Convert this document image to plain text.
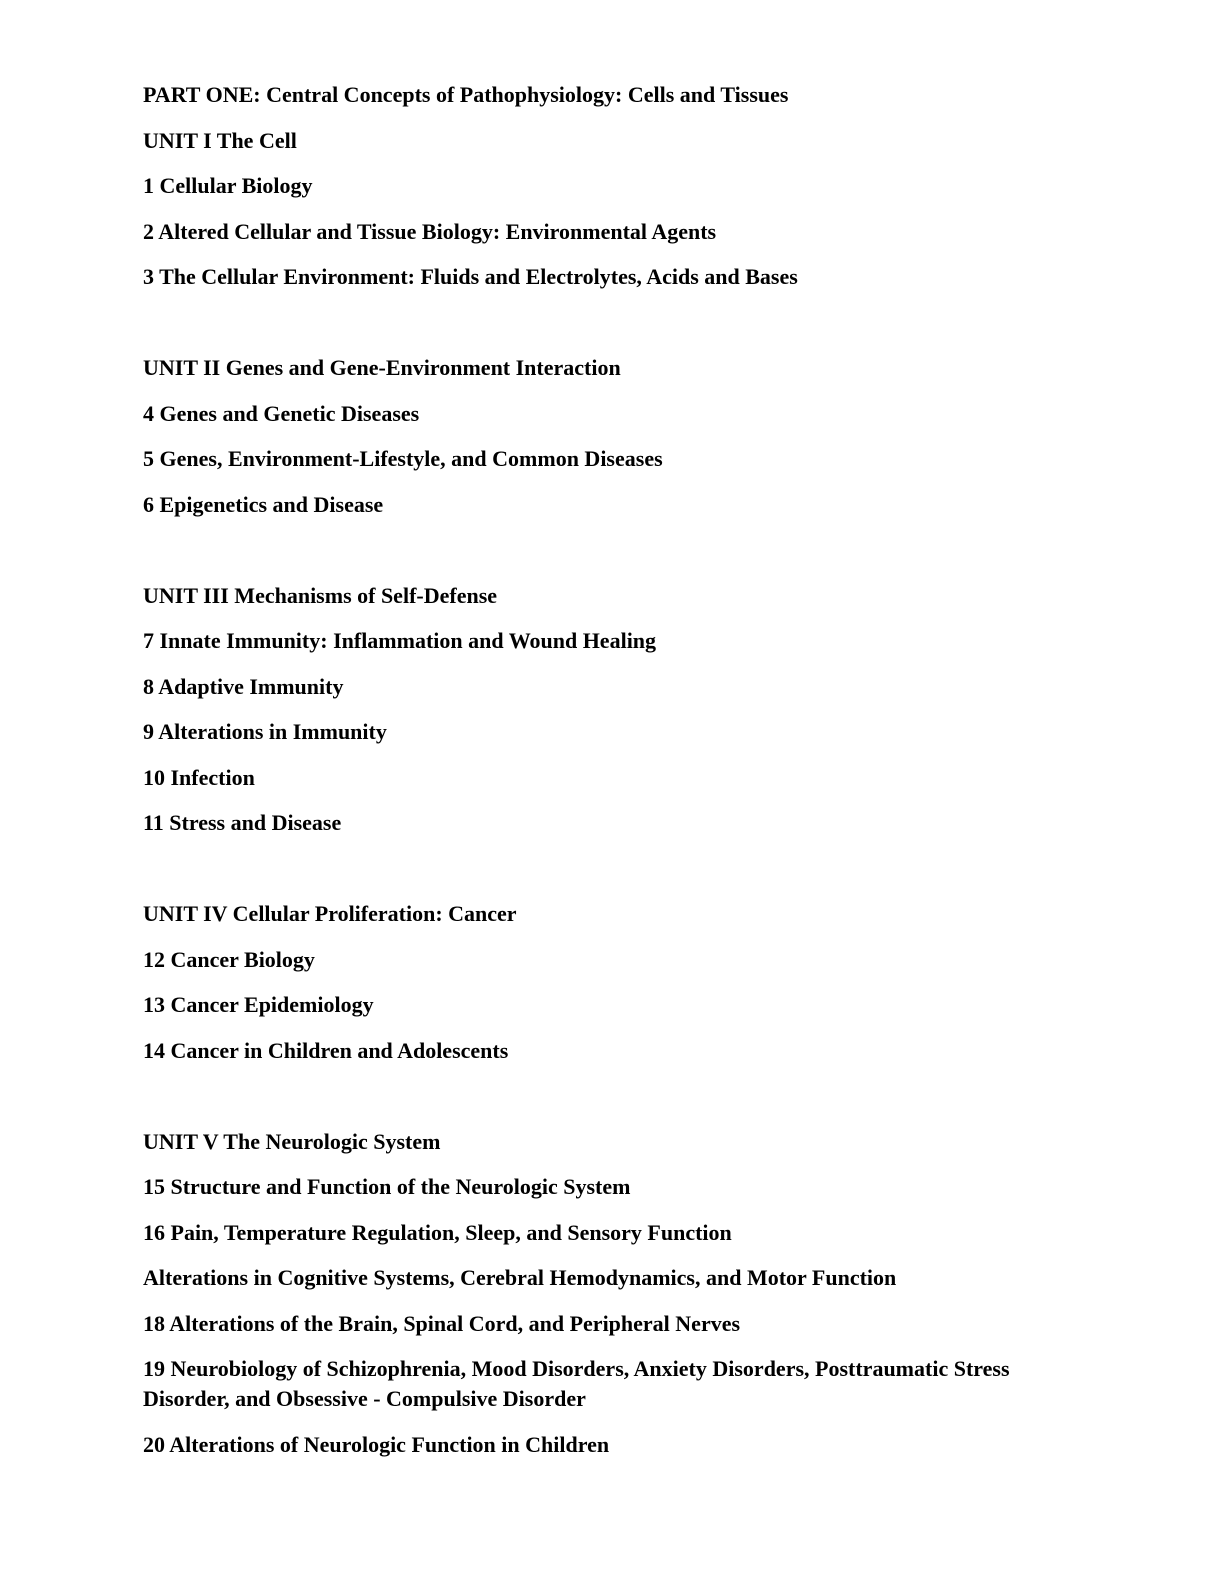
PART ONE: Central Concepts of Pathophysiology: Cells and Tissues
UNIT I The Cell
1 Cellular Biology
2 Altered Cellular and Tissue Biology: Environmental Agents
3 The Cellular Environment: Fluids and Electrolytes, Acids and Bases
UNIT II Genes and Gene-Environment Interaction
4 Genes and Genetic Diseases
5 Genes, Environment-Lifestyle, and Common Diseases
6 Epigenetics and Disease
UNIT III Mechanisms of Self-Defense
7 Innate Immunity: Inflammation and Wound Healing
8 Adaptive Immunity
9 Alterations in Immunity
10 Infection
11 Stress and Disease
UNIT IV Cellular Proliferation: Cancer
12 Cancer Biology
13 Cancer Epidemiology
14 Cancer in Children and Adolescents
UNIT V The Neurologic System
15 Structure and Function of the Neurologic System
16 Pain, Temperature Regulation, Sleep, and Sensory Function
Alterations in Cognitive Systems, Cerebral Hemodynamics, and Motor Function
18 Alterations of the Brain, Spinal Cord, and Peripheral Nerves
19 Neurobiology of Schizophrenia, Mood Disorders, Anxiety Disorders, Posttraumatic Stress Disorder, and Obsessive - Compulsive Disorder
20 Alterations of Neurologic Function in Children
